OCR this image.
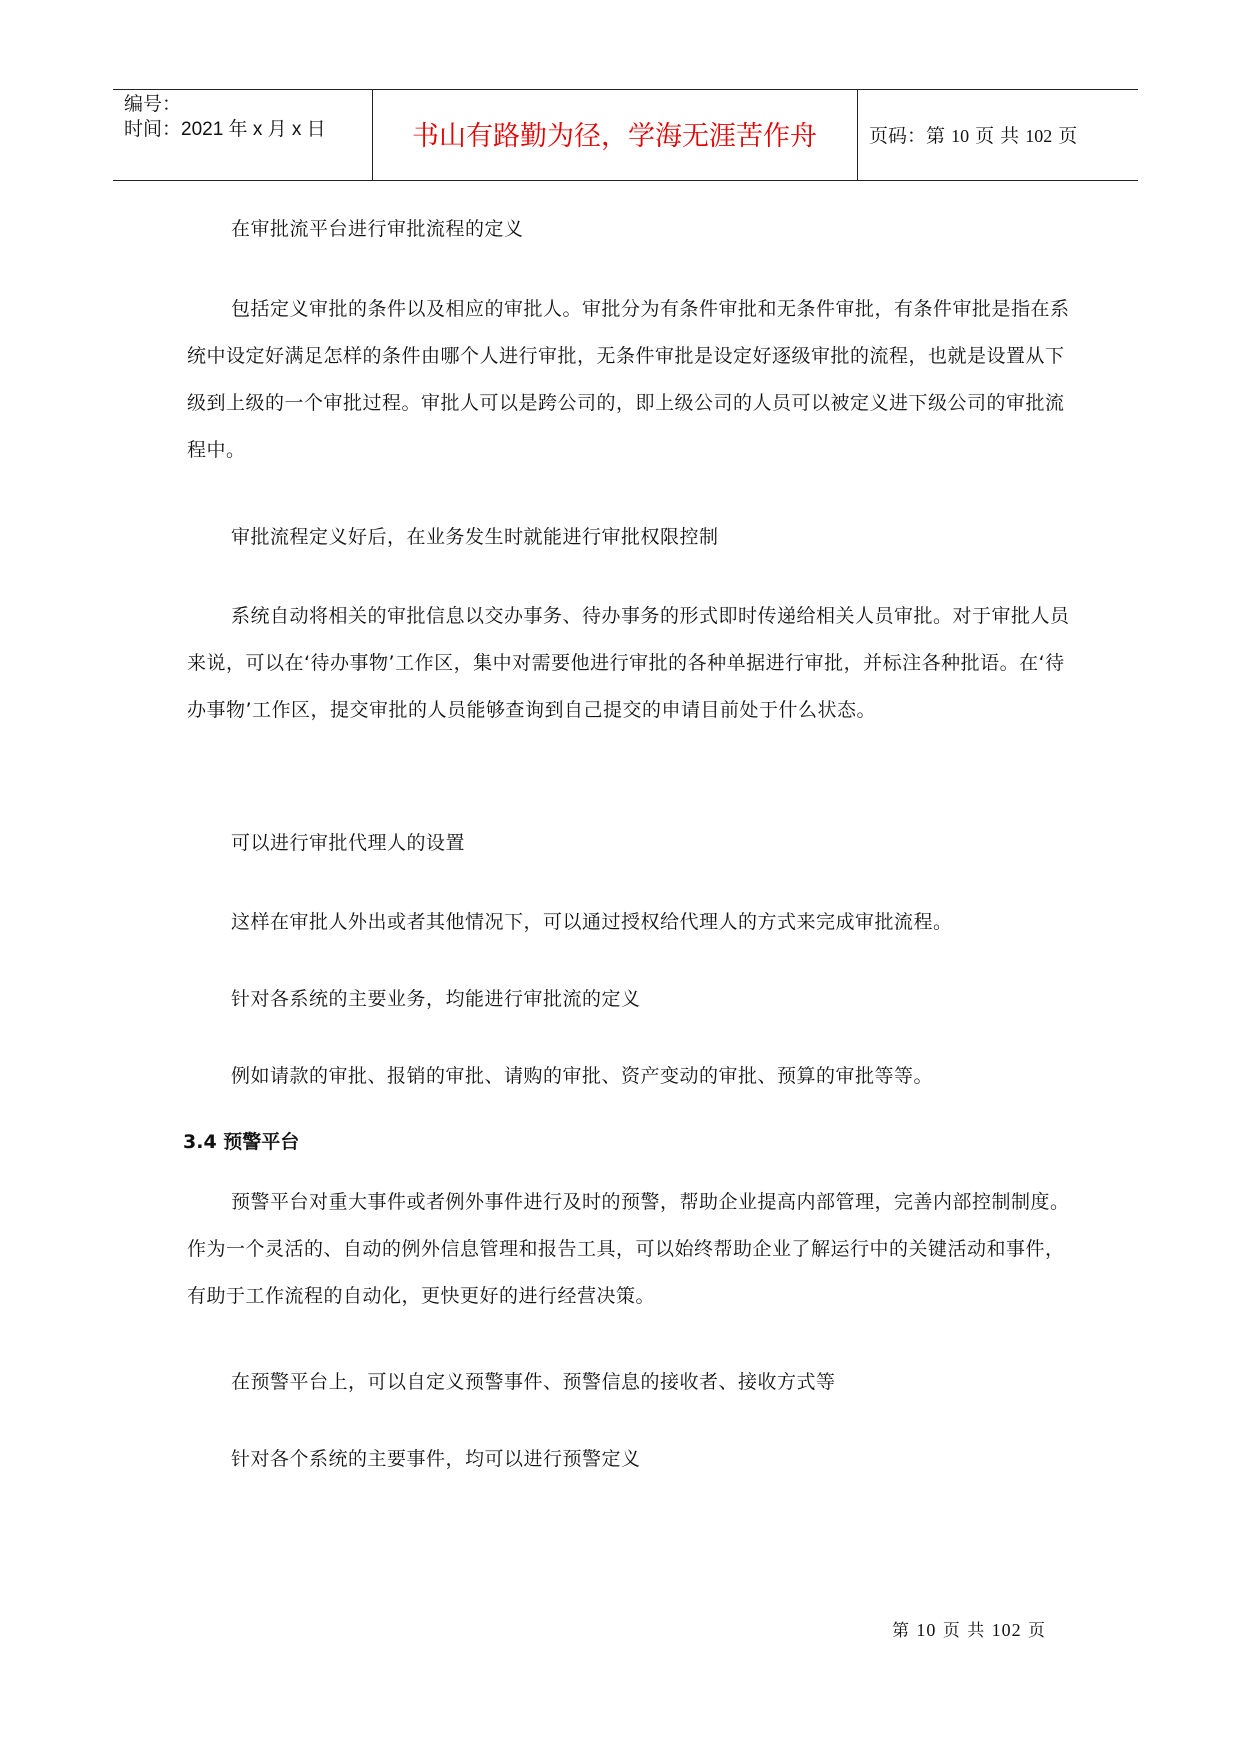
编号：
时间：2021 年 x 月 x 日	书山有路勤为径，学海无涯苦作舟	页码：第 10 页 共 102 页
在审批流平台进行审批流程的定义
包括定义审批的条件以及相应的审批人。审批分为有条件审批和无条件审批，有条件审批是指在系统中设定好满足怎样的条件由哪个人进行审批，无条件审批是设定好逐级审批的流程，也就是设置从下级到上级的一个审批过程。审批人可以是跨公司的，即上级公司的人员可以被定义进下级公司的审批流程中。
审批流程定义好后，在业务发生时就能进行审批权限控制
系统自动将相关的审批信息以交办事务、待办事务的形式即时传递给相关人员审批。对于审批人员来说，可以在‘待办事物’工作区，集中对需要他进行审批的各种单据进行审批，并标注各种批语。在‘待办事物’工作区，提交审批的人员能够查询到自己提交的申请目前处于什么状态。
可以进行审批代理人的设置
这样在审批人外出或者其他情况下，可以通过授权给代理人的方式来完成审批流程。
针对各系统的主要业务，均能进行审批流的定义
例如请款的审批、报销的审批、请购的审批、资产变动的审批、预算的审批等等。
3.4 预警平台
预警平台对重大事件或者例外事件进行及时的预警，帮助企业提高内部管理，完善内部控制制度。作为一个灵活的、自动的例外信息管理和报告工具，可以始终帮助企业了解运行中的关键活动和事件，有助于工作流程的自动化，更快更好的进行经营决策。
在预警平台上，可以自定义预警事件、预警信息的接收者、接收方式等
针对各个系统的主要事件，均可以进行预警定义
第 10 页 共 102 页
